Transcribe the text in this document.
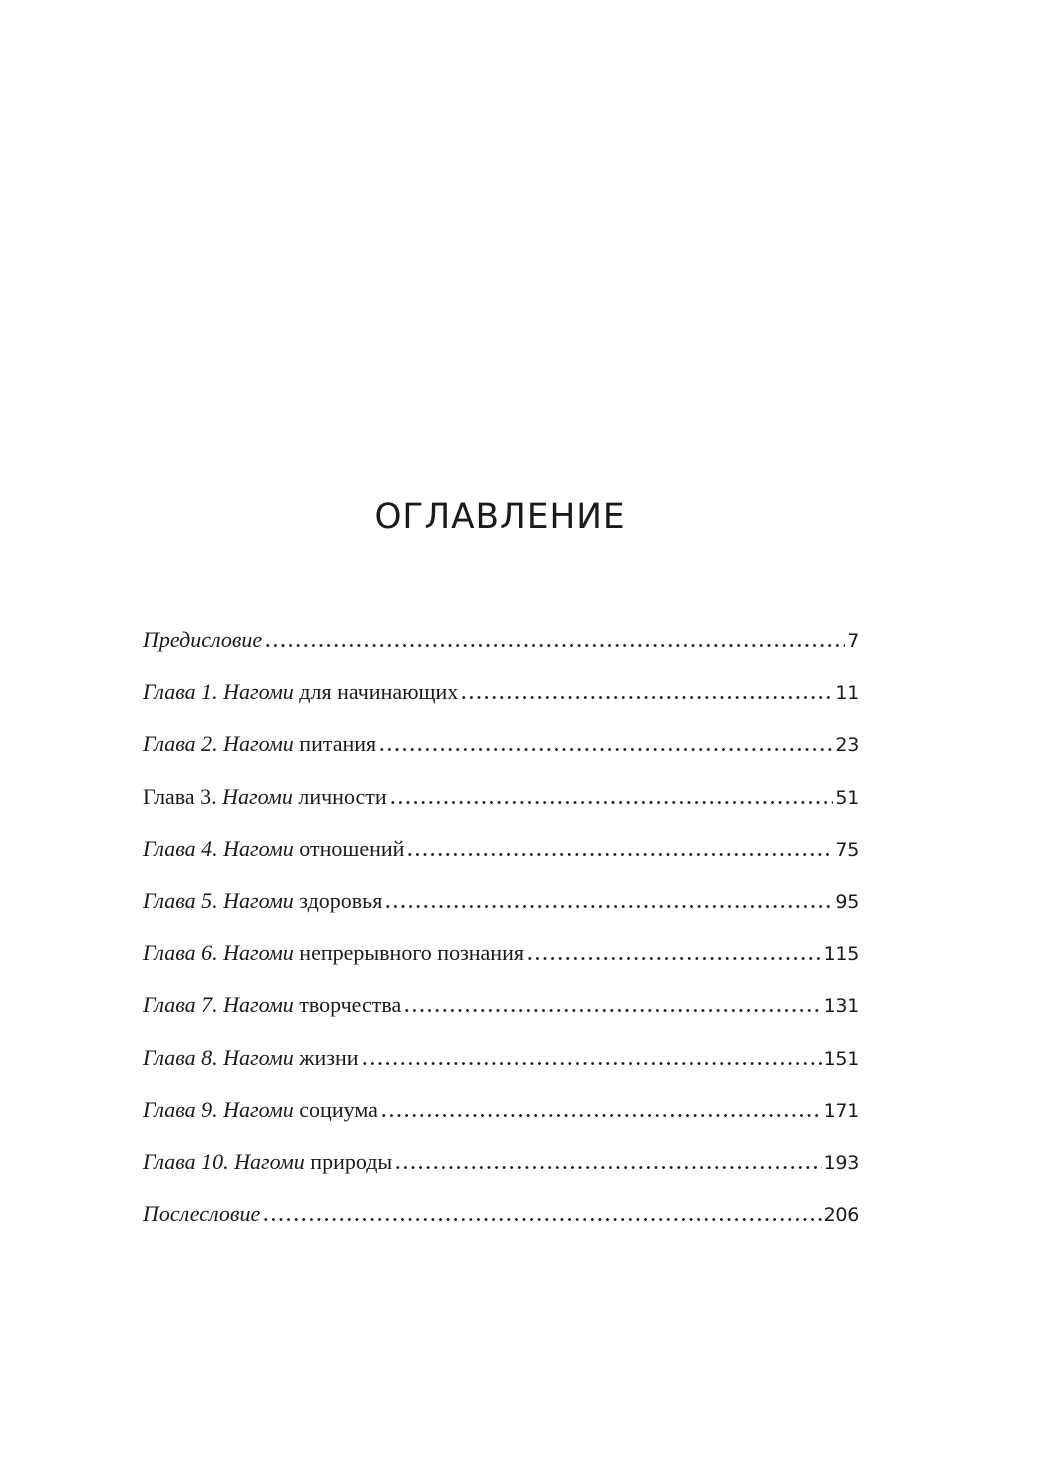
ОГЛАВЛЕНИЕ
Предисловие	7
Глава 1. Нагоми для начинающих	11
Глава 2. Нагоми питания	23
Глава 3. Нагоми личности	51
Глава 4. Нагоми отношений	75
Глава 5. Нагоми здоровья	95
Глава 6. Нагоми непрерывного познания	115
Глава 7. Нагоми творчества	131
Глава 8. Нагоми жизни	151
Глава 9. Нагоми социума	171
Глава 10. Нагоми природы	193
Послесловие	206
